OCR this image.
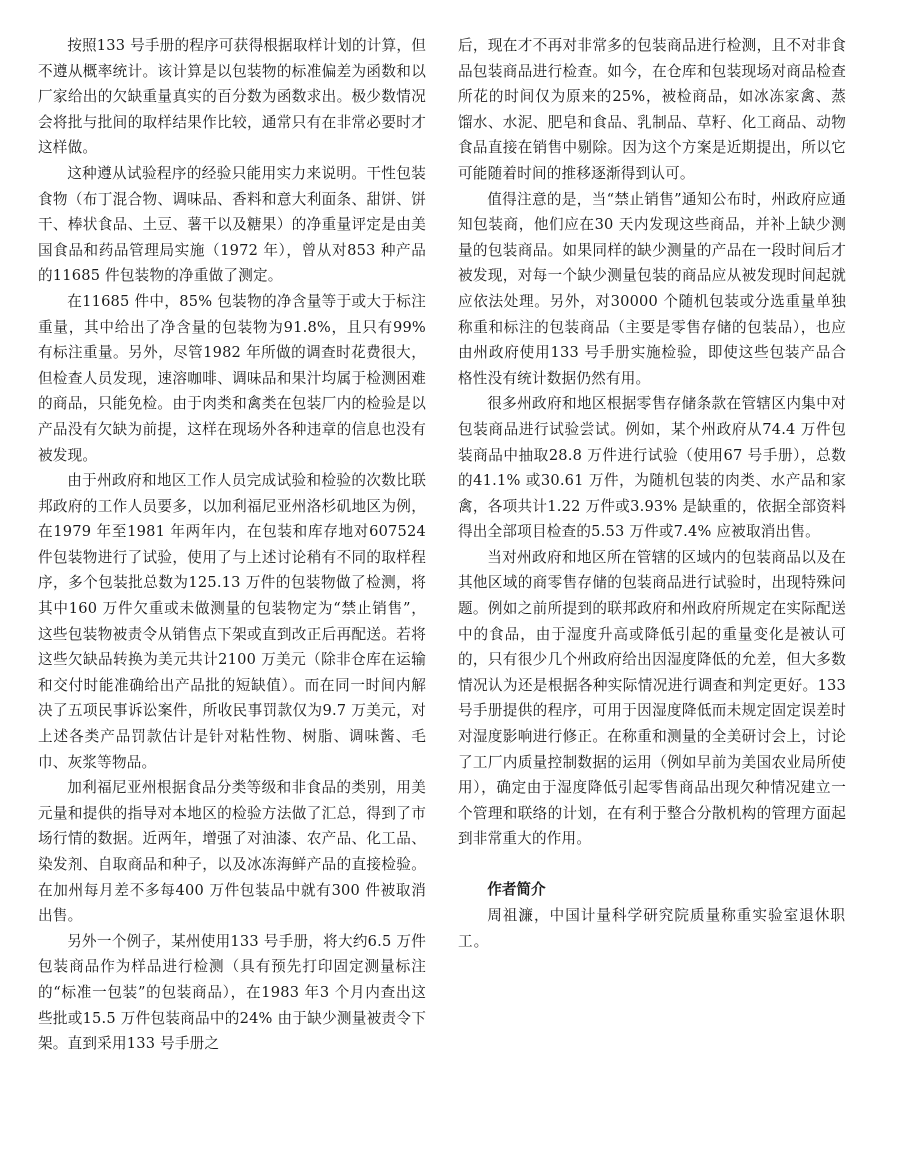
按照133 号手册的程序可获得根据取样计划的计算，但不遵从概率统计。该计算是以包装物的标准偏差为函数和以厂家给出的欠缺重量真实的百分数为函数求出。极少数情况会将批与批间的取样结果作比较，通常只有在非常必要时才这样做。

这种遵从试验程序的经验只能用实力来说明。干性包装食物（布丁混合物、调味品、香料和意大利面条、甜饼、饼干、棒状食品、土豆、薯干以及糖果）的净重量评定是由美国食品和药品管理局实施（1972 年），曾从对853 种产品的11685 件包装物的净重做了测定。

在11685 件中，85% 包装物的净含量等于或大于标注重量，其中给出了净含量的包装物为91.8%，且只有99% 有标注重量。另外，尽管1982 年所做的调查时花费很大，但检查人员发现，速溶咖啡、调味品和果汁均属于检测困难的商品，只能免检。由于肉类和禽类在包装厂内的检验是以产品没有欠缺为前提，这样在现场外各种违章的信息也没有被发现。

由于州政府和地区工作人员完成试验和检验的次数比联邦政府的工作人员要多，以加利福尼亚州洛杉矶地区为例，在1979 年至1981 年两年内，在包装和库存地对607524 件包装物进行了试验，使用了与上述讨论稍有不同的取样程序，多个包装批总数为125.13 万件的包装物做了检测，将其中160 万件欠重或未做测量的包装物定为“禁止销售”，这些包装物被责令从销售点下架或直到改正后再配送。若将这些欠缺品转换为美元共计2100 万美元（除非仓库在运输和交付时能准确给出产品批的短缺值）。而在同一时间内解决了五项民事诉讼案件，所收民事罚款仅为9.7 万美元，对上述各类产品罚款估计是针对粘性物、树脂、调味酱、毛巾、灰浆等物品。

加利福尼亚州根据食品分类等级和非食品的类别，用美元量和提供的指导对本地区的检验方法做了汇总，得到了市场行情的数据。近两年，增强了对油漆、农产品、化工品、染发剂、自取商品和种子，以及冰冻海鲜产品的直接检验。在加州每月差不多每400 万件包装品中就有300 件被取消出售。

另外一个例子，某州使用133 号手册，将大约6.5 万件包装商品作为样品进行检测（具有预先打印固定测量标注的“标准一包装”的包装商品），在1983 年3 个月内查出这些批或15.5 万件包装商品中的24% 由于缺少测量被责令下架。直到采用133 号手册之

后，现在才不再对非常多的包装商品进行检测，且不对非食品包装商品进行检查。如今，在仓库和包装现场对商品检查所花的时间仅为原来的25%，被检商品，如冰冻家禽、蒸馏水、水泥、肥皂和食品、乳制品、草籽、化工商品、动物食品直接在销售中剔除。因为这个方案是近期提出，所以它可能随着时间的推移逐渐得到认可。

值得注意的是，当“禁止销售”通知公布时，州政府应通知包装商，他们应在30 天内发现这些商品，并补上缺少测量的包装商品。如果同样的缺少测量的产品在一段时间后才被发现，对每一个缺少测量包装的商品应从被发现时间起就应依法处理。另外，对30000 个随机包装或分选重量单独称重和标注的包装商品（主要是零售存储的包装品），也应由州政府使用133 号手册实施检验，即使这些包装产品合格性没有统计数据仍然有用。

很多州政府和地区根据零售存储条款在管辖区内集中对包装商品进行试验尝试。例如，某个州政府从74.4 万件包装商品中抽取28.8 万件进行试验（使用67 号手册），总数的41.1% 或30.61 万件，为随机包装的肉类、水产品和家禽，各项共计1.22 万件或3.93% 是缺重的，依据全部资料得出全部项目检查的5.53 万件或7.4% 应被取消出售。

当对州政府和地区所在管辖的区域内的包装商品以及在其他区域的商零售存储的包装商品进行试验时，出现特殊问题。例如之前所提到的联邦政府和州政府所规定在实际配送中的食品，由于湿度升高或降低引起的重量变化是被认可的，只有很少几个州政府给出因湿度降低的允差，但大多数情况认为还是根据各种实际情况进行调查和判定更好。133 号手册提供的程序，可用于因湿度降低而未规定固定误差时对湿度影响进行修正。在称重和测量的全美研讨会上，讨论了工厂内质量控制数据的运用（例如早前为美国农业局所使用），确定由于湿度降低引起零售商品出现欠种情况建立一个管理和联络的计划，在有利于整合分散机构的管理方面起到非常重大的作用。

作者简介

周祖濂，中国计量科学研究院质量称重实验室退休职工。
